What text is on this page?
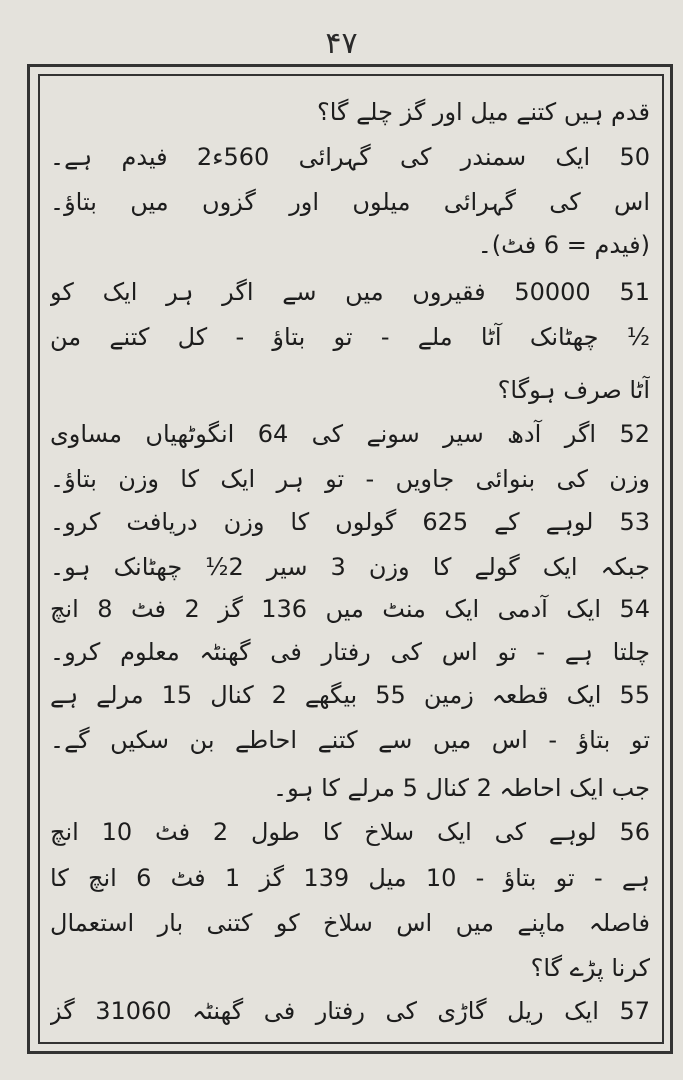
۴۷
قدم ہیں کتنے میل اور گز چلے گا؟
50 ایک سمندر کی گہرائی 560ء2 فیدم ہے۔
اس کی گہرائی میلوں اور گزوں میں بتاؤ۔
(فیدم = 6 فٹ)۔
51 50000 فقیروں میں سے اگر ہر ایک کو
½ چھٹانک آٹا ملے - تو بتاؤ - کل کتنے من
آٹا صرف ہوگا؟
52 اگر آدھ سیر سونے کی 64 انگوٹھیاں مساوی
وزن کی بنوائی جاویں - تو ہر ایک کا وزن بتاؤ۔
53 لوہے کے 625 گولوں کا وزن دریافت کرو۔
جبکہ ایک گولے کا وزن 3 سیر 2½ چھٹانک ہو۔
54 ایک آدمی ایک منٹ میں 136 گز 2 فٹ 8 انچ
چلتا ہے - تو اس کی رفتار فی گھنٹہ معلوم کرو۔
55 ایک قطعہ زمین 55 بیگھے 2 کنال 15 مرلے ہے
تو بتاؤ - اس میں سے کتنے احاطے بن سکیں گے۔
جب ایک احاطہ 2 کنال 5 مرلے کا ہو۔
56 لوہے کی ایک سلاخ کا طول 2 فٹ 10 انچ
ہے - تو بتاؤ - 10 میل 139 گز 1 فٹ 6 انچ کا
فاصلہ ماپنے میں اس سلاخ کو کتنی بار استعمال
کرنا پڑے گا؟
57 ایک ریل گاڑی کی رفتار فی گھنٹہ 31060 گز
